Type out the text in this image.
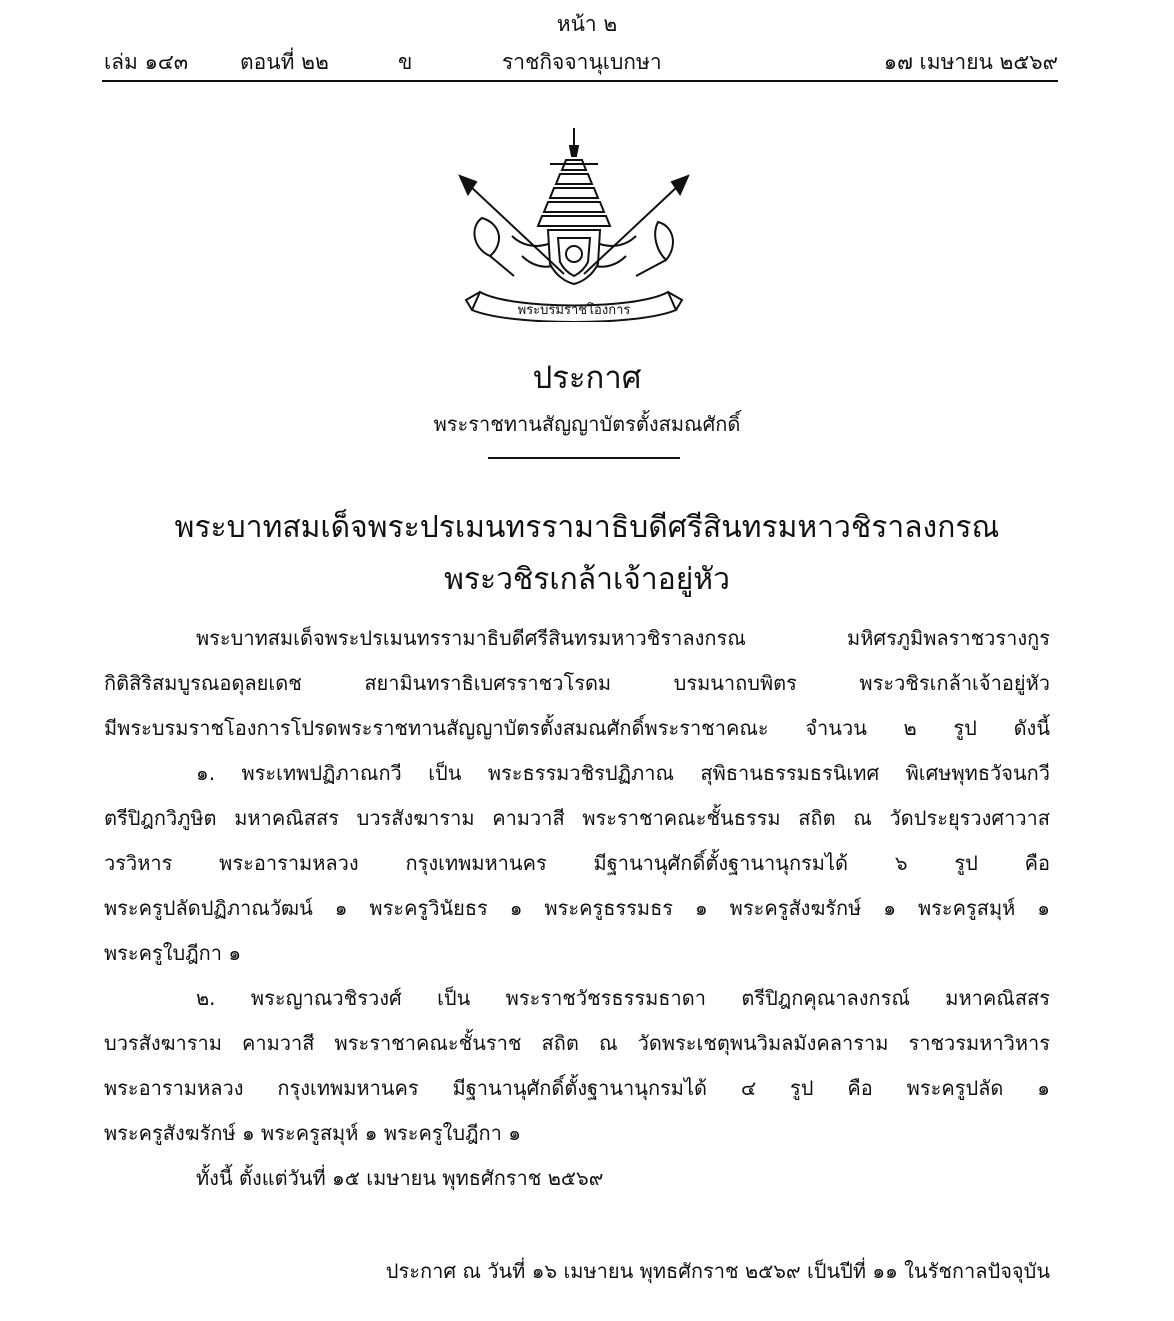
หน้า ๒
เล่ม ๑๔๓ ตอนที่ ๒๒	ข	ราชกิจจานุเบกษา	๑๗ เมษายน ๒๕๖๙
พระบรมราชโองการ
ประกาศ
พระราชทานสัญญาบัตรตั้งสมณศักดิ์
พระบาทสมเด็จพระปรเมนทรรามาธิบดีศรีสินทรมหาวชิราลงกรณ
พระวชิรเกล้าเจ้าอยู่หัว
พระบาทสมเด็จพระปรเมนทรรามาธิบดีศรีสินทรมหาวชิราลงกรณ มหิศรภูมิพลราชวรางกูร
กิติสิริสมบูรณอดุลยเดช สยามินทราธิเบศรราชวโรดม บรมนาถบพิตร พระวชิรเกล้าเจ้าอยู่หัว
มีพระบรมราชโองการโปรดพระราชทานสัญญาบัตรตั้งสมณศักดิ์พระราชาคณะ จำนวน ๒ รูป ดังนี้
๑. พระเทพปฏิภาณกวี เป็น พระธรรมวชิรปฏิภาณ สุพิธานธรรมธรนิเทศ พิเศษพุทธวัจนกวี
ตรีปิฎกวิภูษิต มหาคณิสสร บวรสังฆาราม คามวาสี พระราชาคณะชั้นธรรม สถิต ณ วัดประยุรวงศาวาส
วรวิหาร พระอารามหลวง กรุงเทพมหานคร มีฐานานุศักดิ์ตั้งฐานานุกรมได้ ๖ รูป คือ
พระครูปลัดปฏิภาณวัฒน์ ๑ พระครูวินัยธร ๑ พระครูธรรมธร ๑ พระครูสังฆรักษ์ ๑ พระครูสมุห์ ๑
พระครูใบฎีกา ๑
๒. พระญาณวชิรวงศ์ เป็น พระราชวัชรธรรมธาดา ตรีปิฎกคุณาลงกรณ์ มหาคณิสสร
บวรสังฆาราม คามวาสี พระราชาคณะชั้นราช สถิต ณ วัดพระเชตุพนวิมลมังคลาราม ราชวรมหาวิหาร
พระอารามหลวง กรุงเทพมหานคร มีฐานานุศักดิ์ตั้งฐานานุกรมได้ ๔ รูป คือ พระครูปลัด ๑
พระครูสังฆรักษ์ ๑ พระครูสมุห์ ๑ พระครูใบฎีกา ๑
ทั้งนี้ ตั้งแต่วันที่ ๑๕ เมษายน พุทธศักราช ๒๕๖๙
ประกาศ ณ วันที่ ๑๖ เมษายน พุทธศักราช ๒๕๖๙ เป็นปีที่ ๑๑ ในรัชกาลปัจจุบัน
